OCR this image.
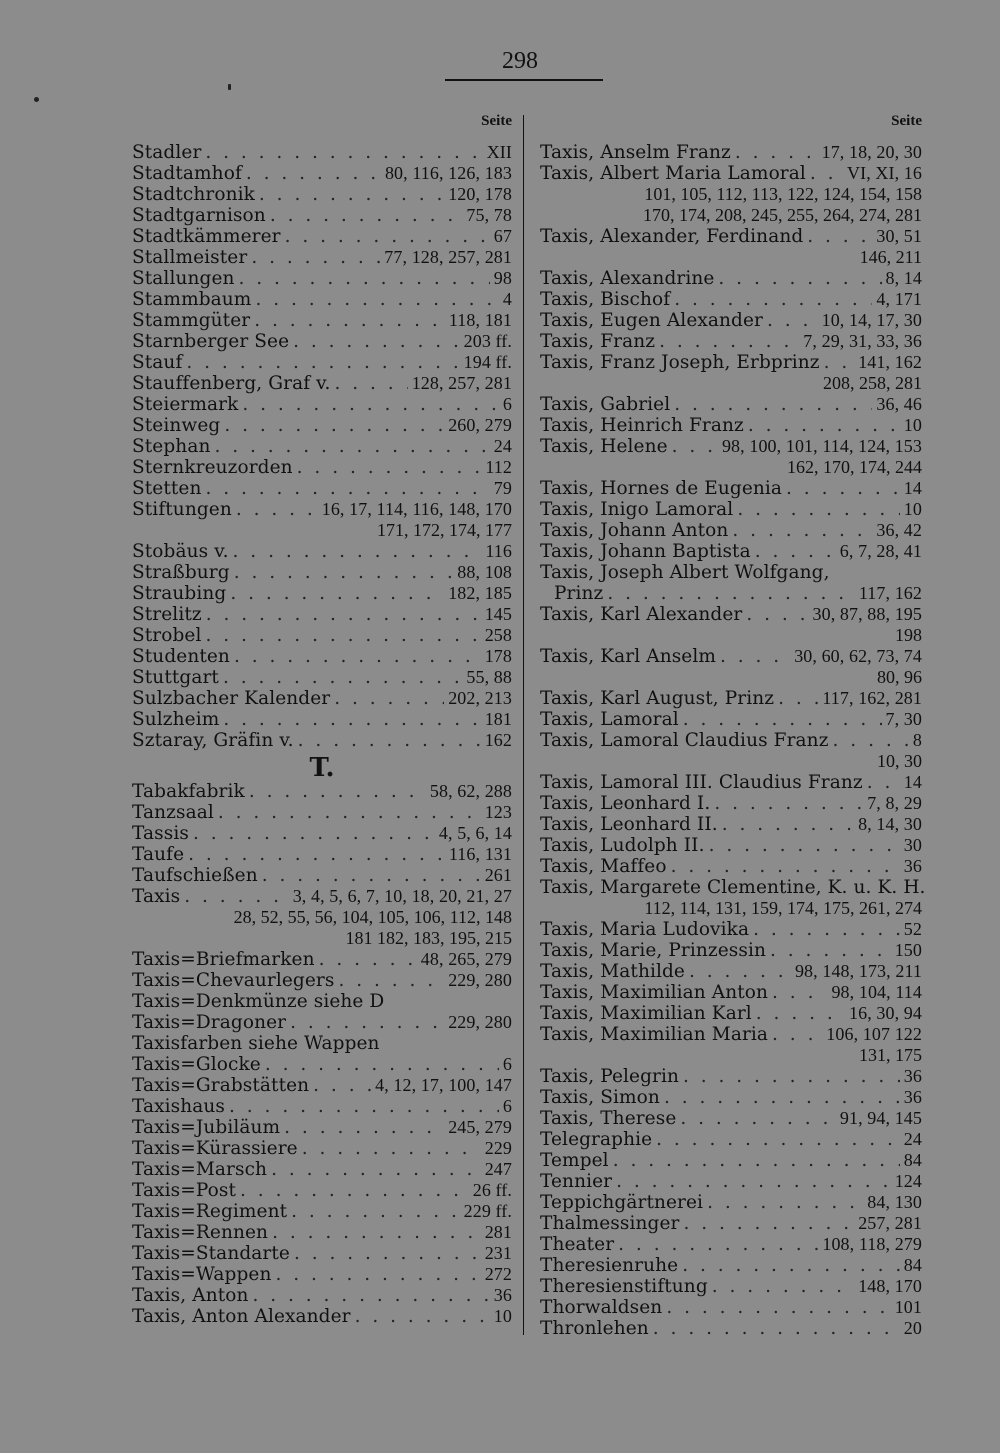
298
Seite
Stadler . . .	XII
Stadtamhof . . .	80, 116, 126, 183
Stadtchronik . . .	120, 178
Stadtgarnison . . .	75, 78
Stadtkämmerer . . .	67
Stallmeister . . .	77, 128, 257, 281
Stallungen . . .	98
Stammbaum . . .	4
Stammgüter . . .	118, 181
Starnberger See . . .	203 ff.
Stauf . . .	194 ff.
Stauffenberg, Graf v. . . .	128, 257, 281
Steiermark . . .	6
Steinweg . . .	260, 279
Stephan . . .	24
Sternkreuzorden . . .	112
Stetten . . .	79
Stiftungen . . .	16, 17, 114, 116, 148, 170
171, 172, 174, 177
Stobäus v. . . .	116
Straßburg . . .	88, 108
Straubing . . .	182, 185
Strelitz . . .	145
Strobel . . .	258
Studenten . . .	178
Stuttgart . . .	55, 88
Sulzbacher Kalender . . .	202, 213
Sulzheim . . .	181
Sztaray, Gräfin v. . . .	162
T.
Tabakfabrik . . .	58, 62, 288
Tanzsaal . . .	123
Tassis . . .	4, 5, 6, 14
Taufe . . .	116, 131
Taufschießen . . .	261
Taxis . . .	3, 4, 5, 6, 7, 10, 18, 20, 21, 27
28, 52, 55, 56, 104, 105, 106, 112, 148
181 182, 183, 195, 215
Taxis=Briefmarken . . .	48, 265, 279
Taxis=Chevaurlegers . . .	229, 280
Taxis=Denkmünze siehe D
Taxis=Dragoner . . .	229, 280
Taxisfarben siehe Wappen
Taxis=Glocke . . .	6
Taxis=Grabstätten . . .	4, 12, 17, 100, 147
Taxishaus . . .	6
Taxis=Jubiläum . . .	245, 279
Taxis=Kürassiere . . .	229
Taxis=Marsch . . .	247
Taxis=Post . . .	26 ff.
Taxis=Regiment . . .	229 ff.
Taxis=Rennen . . .	281
Taxis=Standarte . . .	231
Taxis=Wappen . . .	272
Taxis, Anton . . .	36
Taxis, Anton Alexander . . .	10
Seite
Taxis, Anselm Franz . . .	17, 18, 20, 30
Taxis, Albert Maria Lamoral . . . VI, XI, 16
101, 105, 112, 113, 122, 124, 154, 158
170, 174, 208, 245, 255, 264, 274, 281
Taxis, Alexander, Ferdinand . . .	30, 51
146, 211
Taxis, Alexandrine . . .	8, 14
Taxis, Bischof . . .	4, 171
Taxis, Eugen Alexander . . .	10, 14, 17, 30
Taxis, Franz . . .	7, 29, 31, 33, 36
Taxis, Franz Joseph, Erbprinz . . . 141, 162
208, 258, 281
Taxis, Gabriel . . .	36, 46
Taxis, Heinrich Franz . . .	10
Taxis, Helene . . .	98, 100, 101, 114, 124, 153
162, 170, 174, 244
Taxis, Hornes de Eugenia . . .	14
Taxis, Inigo Lamoral . . .	10
Taxis, Johann Anton . . .	36, 42
Taxis, Johann Baptista . . .	6, 7, 28, 41
Taxis, Joseph Albert Wolfgang,
Prinz . . .	117, 162
Taxis, Karl Alexander . . .	30, 87, 88, 195
198
Taxis, Karl Anselm . . .	30, 60, 62, 73, 74
80, 96
Taxis, Karl August, Prinz . . .	117, 162, 281
Taxis, Lamoral . . .	7, 30
Taxis, Lamoral Claudius Franz . . .	8
10, 30
Taxis, Lamoral III. Claudius Franz . . . 14
Taxis, Leonhard I. . . .	7, 8, 29
Taxis, Leonhard II. . . .	8, 14, 30
Taxis, Ludolph II. . . .	30
Taxis, Maffeo . . .	36
Taxis, Margarete Clementine, K. u. K. H.
112, 114, 131, 159, 174, 175, 261, 274
Taxis, Maria Ludovika . . .	52
Taxis, Marie, Prinzessin . . .	150
Taxis, Mathilde . . .	98, 148, 173, 211
Taxis, Maximilian Anton . . .	98, 104, 114
Taxis, Maximilian Karl . . .	16, 30, 94
Taxis, Maximilian Maria . . .	106, 107 122
131, 175
Taxis, Pelegrin . . .	36
Taxis, Simon . . .	36
Taxis, Therese . . .	91, 94, 145
Telegraphie . . .	24
Tempel . . .	84
Tennier . . .	124
Teppichgärtnerei . . .	84, 130
Thalmessinger . . .	257, 281
Theater . . .	108, 118, 279
Theresienruhe . . .	84
Theresienstiftung . . .	148, 170
Thorwaldsen . . .	101
Thronlehen . . .	20
